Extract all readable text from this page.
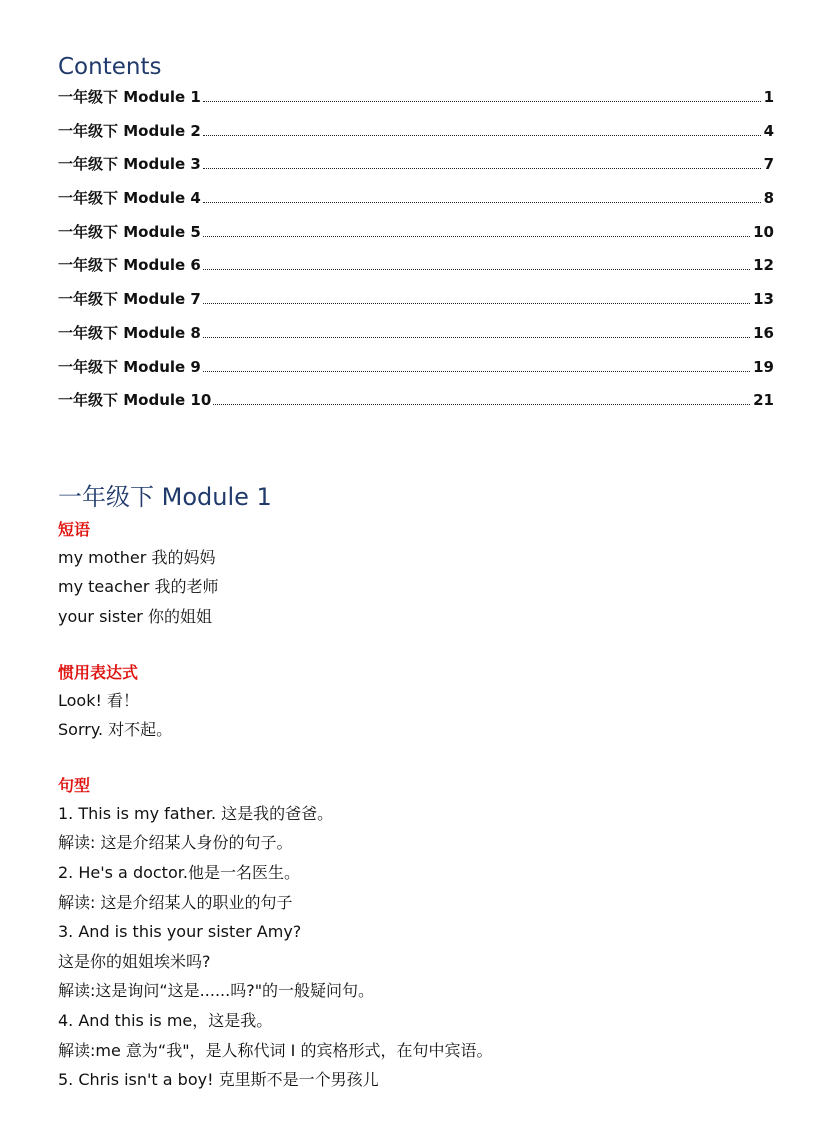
Contents
一年级下 Module 1	1
一年级下 Module 2	4
一年级下 Module 3	7
一年级下 Module 4	8
一年级下 Module 5	10
一年级下 Module 6	12
一年级下 Module 7	13
一年级下 Module 8	16
一年级下 Module 9	19
一年级下 Module 10	21
一年级下 Module 1

短语

my mother 我的妈妈

my teacher 我的老师

your sister 你的姐姐

惯用表达式

Look! 看！

Sorry. 对不起。

句型

1. This is my father. 这是我的爸爸。

解读: 这是介绍某人身份的句子。

2. He's a doctor.他是一名医生。

解读: 这是介绍某人的职业的句子

3. And is this your sister Amy?

这是你的姐姐埃米吗?

解读:这是询问“这是......吗?"的一般疑问句。

4. And this is me，这是我。

解读:me 意为“我"，是人称代词 I 的宾格形式，在句中宾语。

5. Chris isn't a boy! 克里斯不是一个男孩儿
